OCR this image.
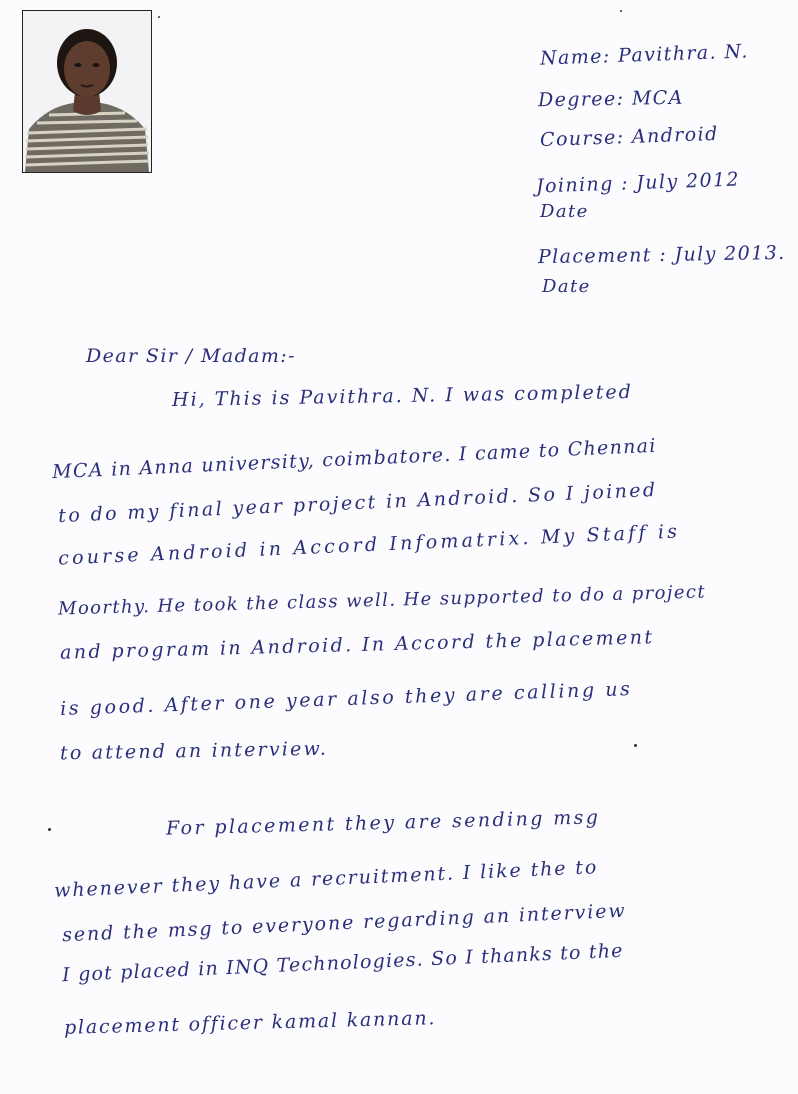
Name: Pavithra. N.
Degree: MCA
Course: Android
Joining : July 2012
Date
Placement : July 2013.
Date
Dear Sir / Madam:-
Hi, This is Pavithra. N. I was completed
MCA in Anna university, coimbatore. I came to Chennai
to do my final year project in Android. So I joined
course Android in Accord Infomatrix. My Staff is
Moorthy. He took the class well. He supported to do a project
and program in Android. In Accord the placement
is good. After one year also they are calling us
to attend an interview.
For placement they are sending msg
whenever they have a recruitment. I like the to
send the msg to everyone regarding an interview
I got placed in INQ Technologies. So I thanks to the
placement officer kamal kannan.
